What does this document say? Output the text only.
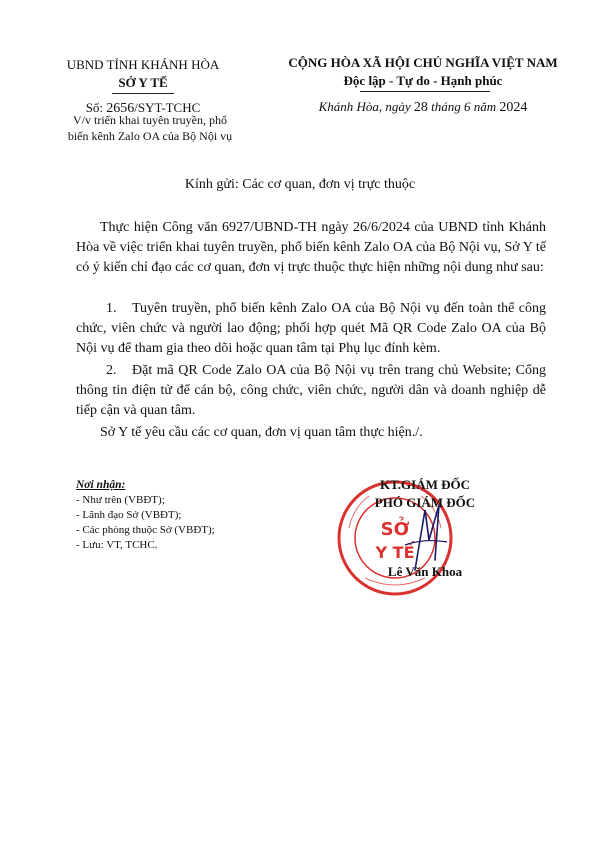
UBND TỈNH KHÁNH HÒA
SỞ Y TẾ
Số: 2656/SYT-TCHC
V/v triển khai tuyên truyền, phổ
biến kênh Zalo OA của Bộ Nội vụ
CỘNG HÒA XÃ HỘI CHỦ NGHĨA VIỆT NAM
Độc lập - Tự do - Hạnh phúc
Khánh Hòa, ngày 28 tháng 6 năm 2024
Kính gửi: Các cơ quan, đơn vị trực thuộc
Thực hiện Công văn 6927/UBND-TH ngày 26/6/2024 của UBND tỉnh Khánh Hòa về việc triển khai tuyên truyền, phổ biến kênh Zalo OA của Bộ Nội vụ, Sở Y tế có ý kiến chỉ đạo các cơ quan, đơn vị trực thuộc thực hiện những nội dung như sau:
1. Tuyên truyền, phổ biến kênh Zalo OA của Bộ Nội vụ đến toàn thể công chức, viên chức và người lao động; phối hợp quét Mã QR Code Zalo OA của Bộ Nội vụ để tham gia theo dõi hoặc quan tâm tại Phụ lục đính kèm.
2. Đặt mã QR Code Zalo OA của Bộ Nội vụ trên trang chủ Website; Cổng thông tin điện tử để cán bộ, công chức, viên chức, người dân và doanh nghiệp dễ tiếp cận và quan tâm.
Sở Y tế yêu cầu các cơ quan, đơn vị quan tâm thực hiện./.
Nơi nhận:
- Như trên (VBĐT);
- Lãnh đạo Sở (VBĐT);
- Các phòng thuộc Sở (VBĐT);
- Lưu: VT, TCHC.
SỞ
Y TẾ
KT.GIÁM ĐỐC
PHÓ GIÁM ĐỐC
Lê Văn Khoa
